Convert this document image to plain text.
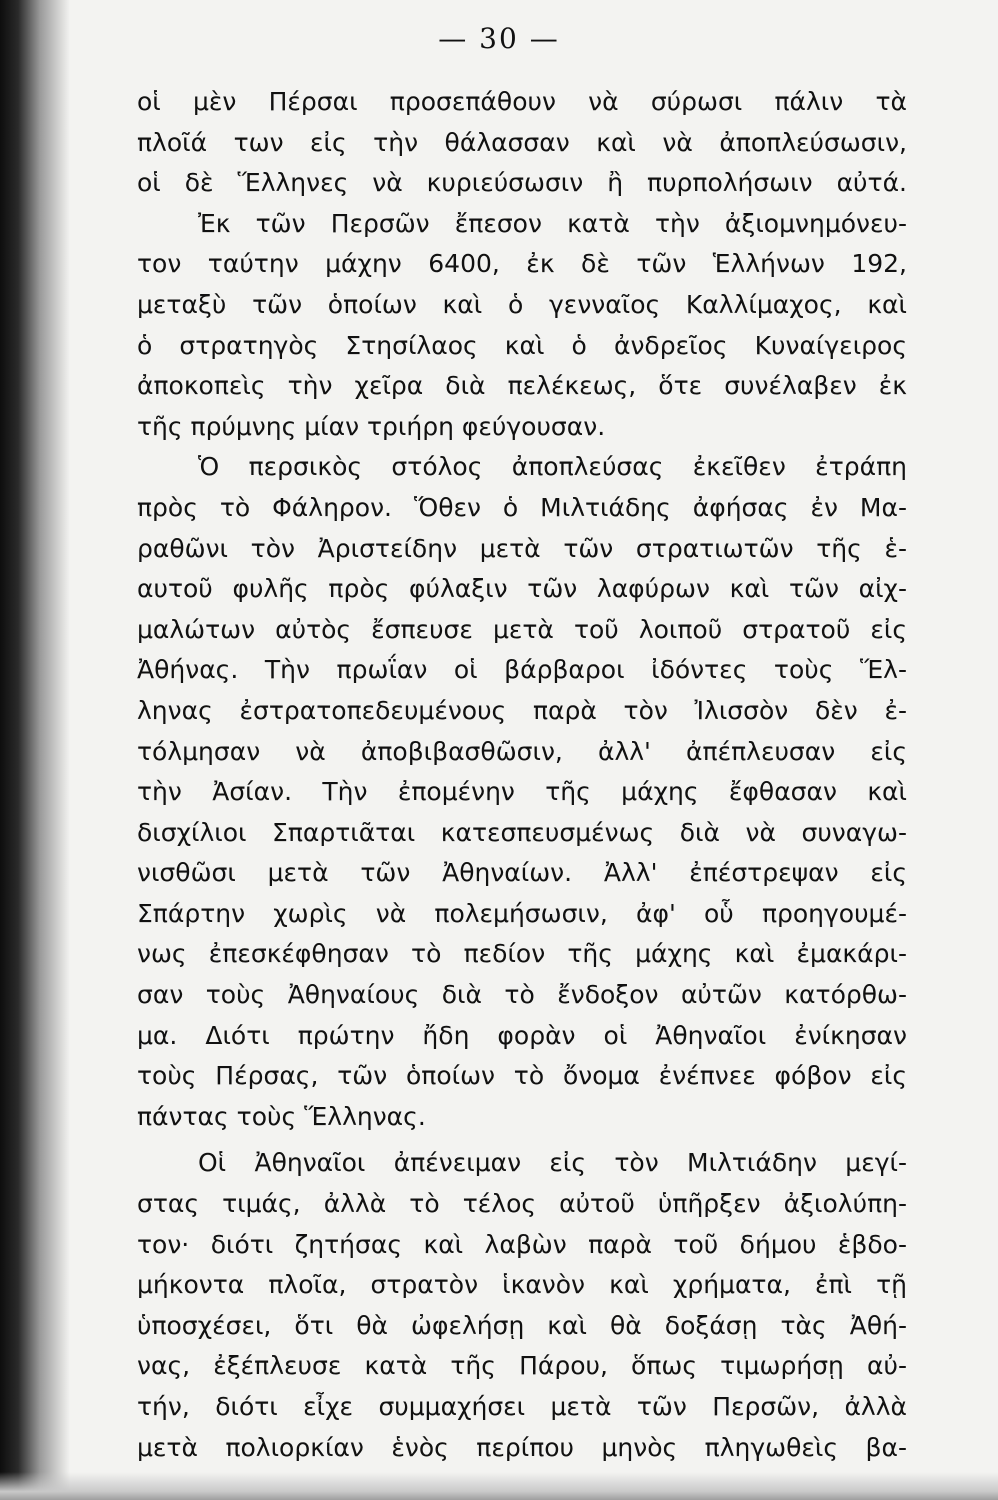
— 30 —
οἱ μὲν Πέρσαι προσεπάθουν νὰ σύρωσι πάλιν τὰ
πλοῖά των εἰς τὴν θάλασσαν καὶ νὰ ἀποπλεύσωσιν,
οἱ δὲ Ἕλληνες νὰ κυριεύσωσιν ἢ πυρπολήσωιν αὐτά.
Ἐκ τῶν Περσῶν ἔπεσον κατὰ τὴν ἀξιομνημόνευ-
τον ταύτην μάχην 6400, ἐκ δὲ τῶν Ἑλλήνων 192,
μεταξὺ τῶν ὁποίων καὶ ὁ γενναῖος Καλλίμαχος, καὶ
ὁ στρατηγὸς Στησίλαος καὶ ὁ ἀνδρεῖος Κυναίγειρος
ἀποκοπεὶς τὴν χεῖρα διὰ πελέκεως, ὅτε συνέλαβεν ἐκ
τῆς πρύμνης μίαν τριήρη φεύγουσαν.
Ὁ περσικὸς στόλος ἀποπλεύσας ἐκεῖθεν ἐτράπη
πρὸς τὸ Φάληρον. Ὅθεν ὁ Μιλτιάδης ἀφήσας ἐν Μα-
ραθῶνι τὸν Ἀριστείδην μετὰ τῶν στρατιωτῶν τῆς ἑ-
αυτοῦ φυλῆς πρὸς φύλαξιν τῶν λαφύρων καὶ τῶν αἰχ-
μαλώτων αὐτὸς ἔσπευσε μετὰ τοῦ λοιποῦ στρατοῦ εἰς
Ἀθήνας. Τὴν πρωΐαν οἱ βάρβαροι ἰδόντες τοὺς Ἕλ-
ληνας ἐστρατοπεδευμένους παρὰ τὸν Ἰλισσὸν δὲν ἐ-
τόλμησαν νὰ ἀποβιβασθῶσιν, ἀλλ' ἀπέπλευσαν εἰς
τὴν Ἀσίαν. Τὴν ἐπομένην τῆς μάχης ἔφθασαν καὶ
δισχίλιοι Σπαρτιᾶται κατεσπευσμένως διὰ νὰ συναγω-
νισθῶσι μετὰ τῶν Ἀθηναίων. Ἀλλ' ἐπέστρεψαν εἰς
Σπάρτην χωρὶς νὰ πολεμήσωσιν, ἀφ' οὗ προηγουμέ-
νως ἐπεσκέφθησαν τὸ πεδίον τῆς μάχης καὶ ἐμακάρι-
σαν τοὺς Ἀθηναίους διὰ τὸ ἔνδοξον αὐτῶν κατόρθω-
μα. Διότι πρώτην ἤδη φορὰν οἱ Ἀθηναῖοι ἐνίκησαν
τοὺς Πέρσας, τῶν ὁποίων τὸ ὄνομα ἐνέπνεε φόβον εἰς
πάντας τοὺς Ἕλληνας.
Οἱ Ἀθηναῖοι ἀπένειμαν εἰς τὸν Μιλτιάδην μεγί-
στας τιμάς, ἀλλὰ τὸ τέλος αὐτοῦ ὑπῆρξεν ἀξιολύπη-
τον· διότι ζητήσας καὶ λαβὼν παρὰ τοῦ δήμου ἑβδο-
μήκοντα πλοῖα, στρατὸν ἱκανὸν καὶ χρήματα, ἐπὶ τῇ
ὑποσχέσει, ὅτι θὰ ὠφελήσῃ καὶ θὰ δοξάσῃ τὰς Ἀθή-
νας, ἐξέπλευσε κατὰ τῆς Πάρου, ὅπως τιμωρήσῃ αὐ-
τήν, διότι εἶχε συμμαχήσει μετὰ τῶν Περσῶν, ἀλλὰ
μετὰ πολιορκίαν ἑνὸς περίπου μηνὸς πληγωθεὶς βα-
